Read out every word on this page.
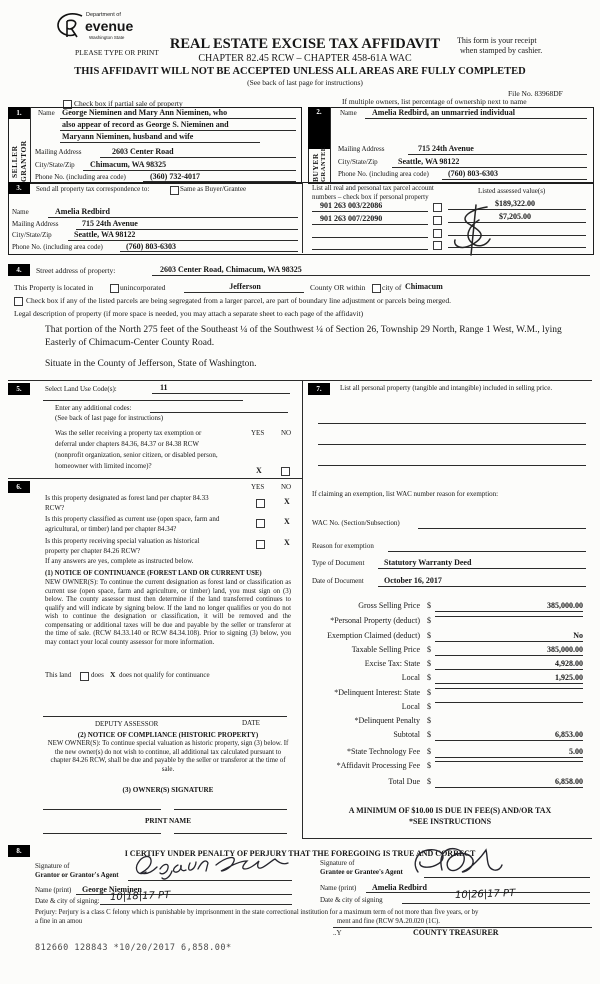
Department of
evenue
Washington State
PLEASE TYPE OR PRINT
REAL ESTATE EXCISE TAX AFFIDAVIT
CHAPTER 82.45 RCW – CHAPTER 458-61A WAC
This form is your receipt
when stamped by cashier.
THIS AFFIDAVIT WILL NOT BE ACCEPTED UNLESS ALL AREAS ARE FULLY COMPLETED
(See back of last page for instructions)
File No. 83968DF
Check box if partial sale of property	If multiple owners, list percentage of ownership next to name
1.
SELLER GRANTOR
Name George Nieminen and Mary Ann Nieminen, who
also appear of record as George S. Nieminen and
Maryann Nieminen, husband and wife
Mailing Address	2603 Center Road
City/State/Zip Chimacum, WA 98325
Phone No. (including area code)	(360) 732-4017
2.
BUYER GRANTEE
Name Amelia Redbird, an unmarried individual
Mailing Address	715 24th Avenue
City/State/Zip	Seattle, WA 98122
Phone No. (including area code) (760) 803-6303
3.	Send all property tax correspondence to:	Same as Buyer/Grantee
Name	Amelia Redbird
Mailing Address	715 24th Avenue
City/State/Zip	Seattle, WA 98122
Phone No. (including area code)	(760) 803-6303
List all real and personal tax parcel account
numbers – check box if personal property
Listed assessed value(s)
901 263 003/22086	$189,322.00
901 263 007/22090	$7,205.00
4.	Street address of property:	2603 Center Road, Chimacum, WA 98325
This Property is located in	unincorporated	Jefferson	County OR within city of Chimacum
Check box if any of the listed parcels are being segregated from a larger parcel, are part of boundary line adjustment or parcels being merged.
Legal description of property (if more space is needed, you may attach a separate sheet to each page of the affidavit)
That portion of the North 275 feet of the Southeast ¼ of the Southwest ¼ of Section 26, Township 29 North, Range 1 West, W.M., lying Easterly of Chimacum-Center County Road.
Situate in the County of Jefferson, State of Washington.
5.	Select Land Use Code(s):	11
Enter any additional codes:
(See back of last page for instructions)
Was the seller receiving a property tax exemption or
deferral under chapters 84.36, 84.37 or 84.38 RCW
(nonprofit organization, senior citizen, or disabled person,
homeowner with limited income)?
YES NO
X
6.	YES NO
Is this property designated as forest land per chapter 84.33
RCW?
X
Is this property classified as current use (open space, farm and
agricultural, or timber) land per chapter 84.34?
X
Is this property receiving special valuation as historical
property per chapter 84.26 RCW?
X
If any answers are yes, complete as instructed below.
(1) NOTICE OF CONTINUANCE (FOREST LAND OR CURRENT USE)
NEW OWNER(S): To continue the current designation as forest land or classification as current use (open space, farm and agriculture, or timber) land, you must sign on (3) below. The county assessor must then determine if the land transferred continues to qualify and will indicate by signing below. If the land no longer qualifies or you do not wish to continue the designation or classification, it will be removed and the compensating or additional taxes will be due and payable by the seller or transferor at the time of sale. (RCW 84.33.140 or RCW 84.34.108). Prior to signing (3) below, you may contact your local county assessor for more information.
This land	does X does not qualify for continuance
DEPUTY ASSESSOR	DATE
(2) NOTICE OF COMPLIANCE (HISTORIC PROPERTY)
NEW OWNER(S): To continue special valuation as historic property, sign (3) below. If the new owner(s) do not wish to continue, all additional tax calculated pursuant to chapter 84.26 RCW, shall be due and payable by the seller or transferor at the time of sale.
(3) OWNER(S) SIGNATURE
PRINT NAME
7.	List all personal property (tangible and intangible) included in selling price.
If claiming an exemption, list WAC number reason for exemption:
WAC No. (Section/Subsection)
Reason for exemption
Type of Document Statutory Warranty Deed
Date of Document	October 16, 2017
Gross Selling Price $	385,000.00
*Personal Property (deduct) $
Exemption Claimed (deduct) $	No
Taxable Selling Price $	385,000.00
Excise Tax: State $	4,928.00
Local $	1,925.00
*Delinquent Interest: State $
Local $
*Delinquent Penalty $
Subtotal $	6,853.00
*State Technology Fee $	5.00
*Affidavit Processing Fee $
Total Due $	6,858.00
A MINIMUM OF $10.00 IS DUE IN FEE(S) AND/OR TAX
*SEE INSTRUCTIONS
8.	I CERTIFY UNDER PENALTY OF PERJURY THAT THE FOREGOING IS TRUE AND CORRECT
Signature of
Grantor or Grantor's Agent
Name (print) George Nieminen
Date & city of signing: 10|18|17 PT
Signature of
Grantee or Grantee's Agent
Name (print) Amelia Redbird
Date & city of signing	10|26|17 PT
Perjury: Perjury is a class C felony which is punishable by imprisonment in the state correctional institution for a maximum term of not more than five years, or by
a fine in an amou	ment and fine (RCW 9A.20.020 (1C).
..Y	COUNTY TREASURER
812660 128843 *10/20/2017 6,858.00*
